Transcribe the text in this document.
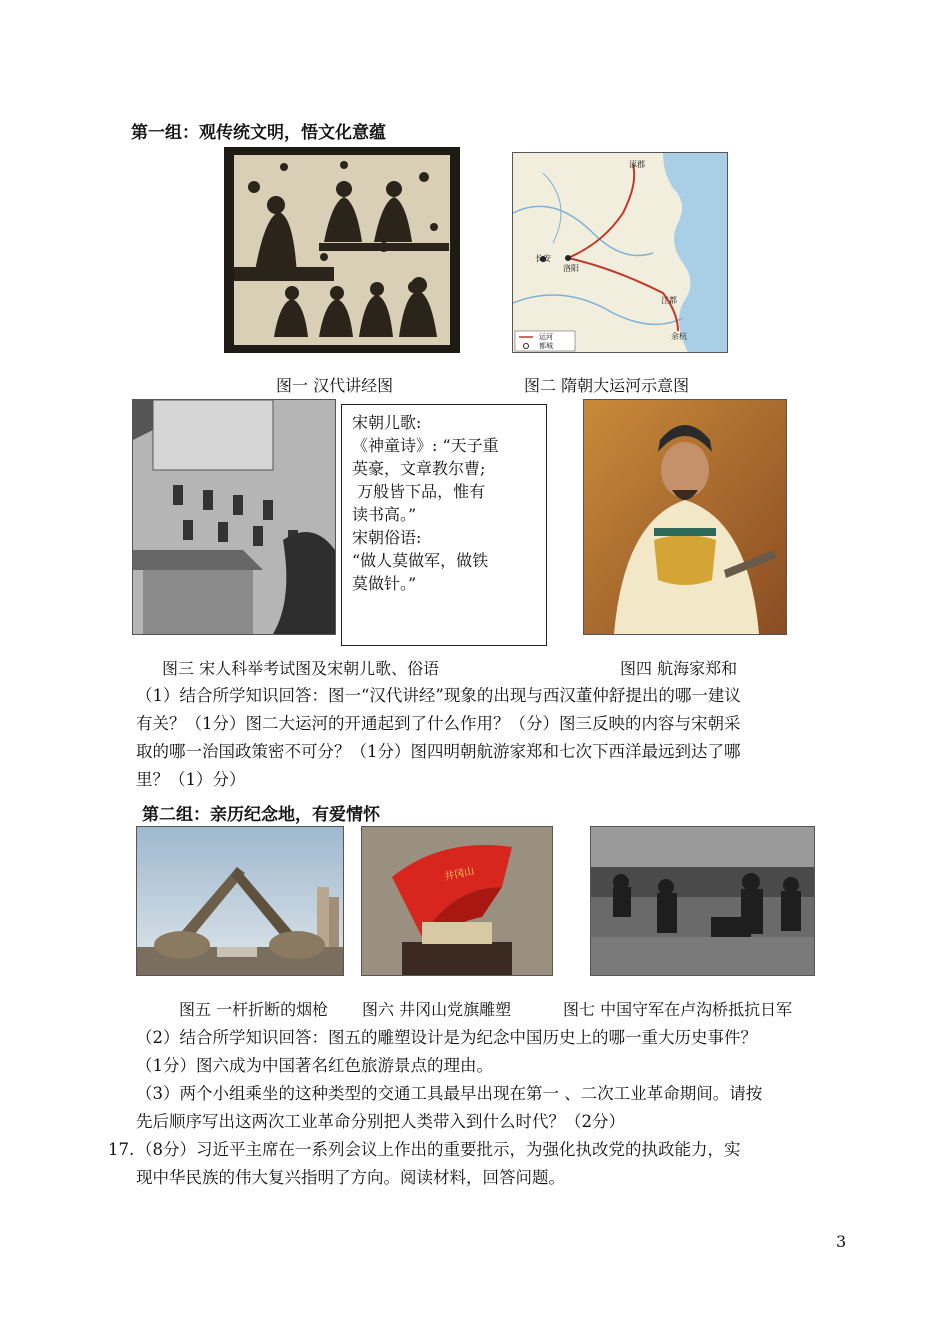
第一组：观传统文明，悟文化意蕴
长安
洛阳
涿郡
江都
余杭
运河
都城
图一 汉代讲经图	图二 隋朝大运河示意图
宋朝儿歌:
《神童诗》: “天子重
英豪，文章教尔曹;
万般皆下品，惟有
读书高。”
宋朝俗语:
“做人莫做军，做铁
莫做针。”
图三 宋人科举考试图及宋朝儿歌、俗语	图四 航海家郑和
（1）结合所学知识回答：图一“汉代讲经”现象的出现与西汉董仲舒提出的哪一建议
有关？（1分）图二大运河的开通起到了什么作用？（分）图三反映的内容与宋朝采
取的哪一治国政策密不可分？（1分）图四明朝航游家郑和七次下西洋最远到达了哪
里？（1）分）
第二组：亲历纪念地，有爱情怀
井冈山
图五 一杆折断的烟枪 图六 井冈山党旗雕塑	图七 中国守军在卢沟桥抵抗日军
（2）结合所学知识回答：图五的雕塑设计是为纪念中国历史上的哪一重大历史事件？
（1分）图六成为中国著名红色旅游景点的理由。
（3）两个小组乘坐的这种类型的交通工具最早出现在第一 、二次工业革命期间。请按
先后顺序写出这两次工业革命分别把人类带入到什么时代？（2分）
17. （8分）习近平主席在一系列会议上作出的重要批示，为强化执改党的执政能力，实
现中华民族的伟大复兴指明了方向。阅读材料，回答问题。
3
